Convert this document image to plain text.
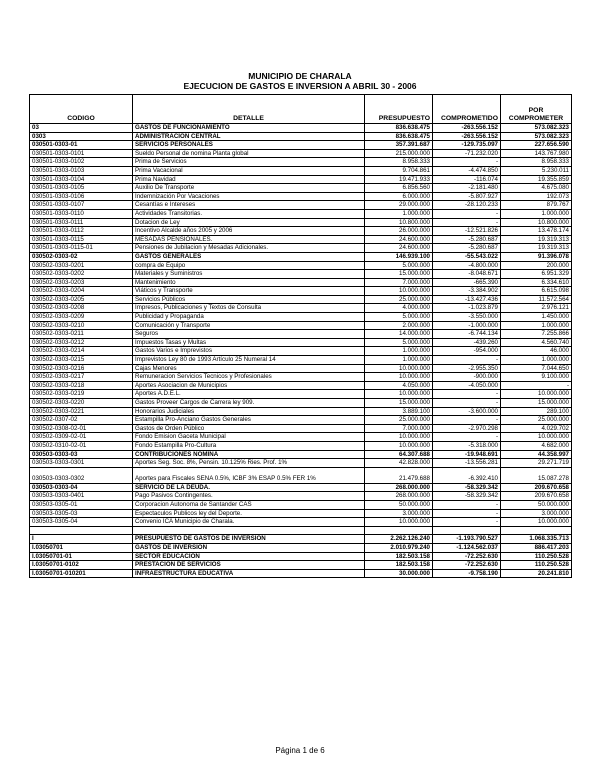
MUNICIPIO DE CHARALA
EJECUCION DE GASTOS E INVERSION A ABRIL 30 - 2006
CODIGO	DETALLE	PRESUPUESTO	COMPROMETIDO	POR
COMPROMETER
03	GASTOS DE FUNCIONAMIENTO	836.638.475	-263.556.152	573.082.323
0303	ADMINISTRACION CENTRAL	836.638.475	-263.556.152	573.082.323
030501-0303-01	SERVICIOS PERSONALES	357.391.687	-129.735.097	227.656.590
030501-0303-0101	Sueldo Personal de nomina Planta global	215.000.000	-71.232.020	143.767.980
030501-0303-0102	Prima de Servicios	8.958.333	-	8.958.333
030501-0303-0103	Prima Vacacional	9.704.861	-4.474.850	5.230.011
030501-0303-0104	Prima Navidad	19.471.933	-116.074	19.355.859
030501-0303-0105	Auxilio De Transporte	6.856.560	-2.181.480	4.675.080
030501-0303-0106	Indemnización Por Vacaciones	6.000.000	-5.807.927	192.073
030501-0303-0107	Cesantías e Intereses	29.000.000	-28.120.233	879.767
030501-0303-0110	Actividades Transitorias.	1.000.000	-	1.000.000
030501-0303-0111	Dotacion de Ley	10.800.000	-	10.800.000
030501-0303-0112	Incentivo Alcalde años 2005 y 2006	26.000.000	-12.521.826	13.478.174
030501-0303-0115	MESADAS PENSIONALES.	24.600.000	-5.280.687	19.319.313
030501-0303-0115-01	Pensiones de Jubilacion y Mesadas Adicionales.	24.600.000	-5.280.687	19.319.313
030502-0303-02	GASTOS GENERALES	146.939.100	-55.543.022	91.396.078
030502-0303-0201	compra de Equipo	5.000.000	-4.800.000	200.000
030502-0303-0202	Materiales y Suministros	15.000.000	-8.048.671	6.951.329
030502-0303-0203	Mantenimiento	7.000.000	-665.390	6.334.610
030502-0303-0204	Viáticos y Transporte	10.000.000	-3.384.902	6.615.098
030502-0303-0205	Servicios Públicos	25.000.000	-13.427.436	11.572.564
030502-0303-0208	Impresos, Publicaciones y Textos de Consulta	4.000.000	-1.023.879	2.976.121
030502-0303-0209	Publicidad y Propaganda	5.000.000	-3.550.000	1.450.000
030502-0303-0210	Comunicación y Transporte	2.000.000	-1.000.000	1.000.000
030502-0303-0211	Seguros	14.000.000	-6.744.134	7.255.866
030502-0303-0212	Impuestos Tasas y Multas	5.000.000	-439.260	4.560.740
030502-0303-0214	Gastos Varios e Imprevistos	1.000.000	-954.000	46.000
030502-0303-0215	Imprevistos Ley 80 de 1993 Artículo 25 Numeral 14	1.000.000	-	1.000.000
030502-0303-0216	Cajas Menores	10.000.000	-2.955.350	7.044.650
030502-0303-0217	Remuneracion Servicios Tecnicos y Profesionales	10.000.000	-900.000	9.100.000
030502-0303-0218	Aportes Asociacion de Municipios	4.050.000	-4.050.000	-
030502-0303-0219	Aportes A.D.E.L.	10.000.000	-	10.000.000
030502-0303-0220	Gastos Proveer Cargos de Carrera ley 909.	15.000.000	-	15.000.000
030502-0303-0221	Honorarios Judiciales	3.889.100	-3.600.000	289.100
030502-0307-02	Estampilla Pro-Anciano Gastos Generales	25.000.000	-	25.000.000
030502-0308-02-01	Gastos de Orden Público	7.000.000	-2.970.298	4.029.702
030502-0309-02-01	Fondo Emision Gaceta Municipal	10.000.000	-	10.000.000
030502-0310-02-01	Fondo Estampilla Pro-Cultura	10.000.000	-5.318.000	4.682.000
030503-0303-03	CONTRIBUCIONES NOMINA	64.307.688	-19.948.691	44.358.997
030503-0303-0301	Aportes Seg. Soc. 8%, Pensin. 10.125% Ries. Prof. 1%	42.828.000	-13.556.281	29.271.719
030503-0303-0302	Aportes para Fiscales SENA 0.5%, ICBF 3% ESAP 0.5% FER 1%	21.479.688	-6.392.410	15.087.278
030503-0303-04	SERVICIO DE LA DEUDA.	268.000.000	-58.329.342	209.670.658
030503-0303-0401	Pago Pasivos Contingentes.	268.000.000	-58.329.342	209.670.658
030503-0305-01	Corporacion Autonoma de Santander CAS	50.000.000	-	50.000.000
030503-0305-03	Espectaculos Publicos ley del Deporte.	3.000.000	-	3.000.000
030503-0305-04	Convenio ICA Municipio de Charala.	10.000.000	-	10.000.000

I	PRESUPUESTO DE GASTOS DE INVERSION	2.262.126.240	-1.193.790.527	1.068.335.713
I.03050701	GASTOS DE INVERSION	2.010.979.240	-1.124.562.037	886.417.203
I.03050701-01	SECTOR EDUCACION	182.503.158	-72.252.630	110.250.528
I.03050701-0102	PRESTACION DE SERVICIOS	182.503.158	-72.252.630	110.250.528
I.03050701-010201	INFRAESTRUCTURA EDUCATIVA	30.000.000	-9.758.190	20.241.810
Página 1 de 6
